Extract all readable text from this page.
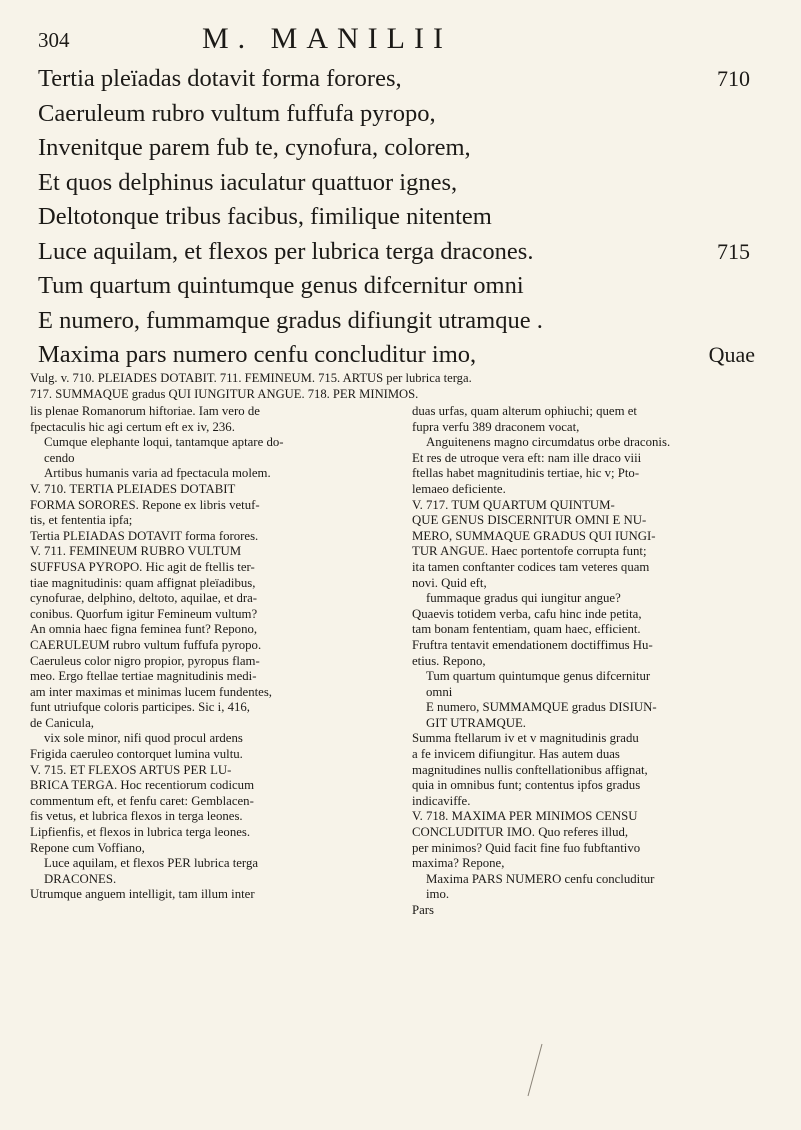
304	M. MANILII
Tertia pleïadas dotavit forma forores,	710
Caeruleum rubro vultum fuffufa pyropo,
Invenitque parem fub te, cynofura, colorem,
Et quos delphinus iaculatur quattuor ignes,
Deltotonque tribus facibus, fimilique nitentem
Luce aquilam, et flexos per lubrica terga dracones.	715
Tum quartum quintumque genus difcernitur omni
E numero, fummamque gradus difiungit utramque .
Maxima pars numero cenfu concluditur imo,	Quae
Vulg. v. 710. PLEIADES DOTABIT. 711. FEMINEUM. 715. ARTUS per lubrica terga.
717. SUMMAQUE gradus QUI IUNGITUR ANGUE. 718. PER MINIMOS.
lis plenae Romanorum hiftoriae. Iam vero de
fpectaculis hic agi certum eft ex iv, 236.
Cumque elephante loqui, tantamque aptare do-
cendo
Artibus humanis varia ad fpectacula molem.
V. 710. TERTIA PLEIADES DOTABIT
FORMA SORORES. Repone ex libris vetuf-
tis, et fententia ipfa;
Tertia PLEIADAS DOTAVIT forma forores.
V. 711. FEMINEUM RUBRO VULTUM
SUFFUSA PYROPO. Hic agit de ftellis ter-
tiae magnitudinis: quam affignat pleïadibus,
cynofurae, delphino, deltoto, aquilae, et dra-
conibus. Quorfum igitur Femineum vultum?
An omnia haec figna feminea funt? Repono,
CAERULEUM rubro vultum fuffufa pyropo.
Caeruleus color nigro propior, pyropus flam-
meo. Ergo ftellae tertiae magnitudinis medi-
am inter maximas et minimas lucem fundentes,
funt utriufque coloris participes. Sic i, 416,
de Canicula,
vix sole minor, nifi quod procul ardens
Frigida caeruleo contorquet lumina vultu.
V. 715. ET FLEXOS ARTUS PER LU-
BRICA TERGA. Hoc recentiorum codicum
commentum eft, et fenfu caret: Gemblacen-
fis vetus, et lubrica flexos in terga leones.
Lipfienfis, et flexos in lubrica terga leones.
Repone cum Voffiano,
Luce aquilam, et flexos PER lubrica terga
DRACONES.
Utrumque anguem intelligit, tam illum inter
duas urfas, quam alterum ophiuchi; quem et
fupra verfu 389 draconem vocat,
Anguitenens magno circumdatus orbe draconis.
Et res de utroque vera eft: nam ille draco viii
ftellas habet magnitudinis tertiae, hic v; Pto-
lemaeo deficiente.
V. 717. TUM QUARTUM QUINTUM-
QUE GENUS DISCERNITUR OMNI E NU-
MERO, SUMMAQUE GRADUS QUI IUNGI-
TUR ANGUE. Haec portentofe corrupta funt;
ita tamen conftanter codices tam veteres quam
novi. Quid eft,
fummaque gradus qui iungitur angue?
Quaevis totidem verba, cafu hinc inde petita,
tam bonam fententiam, quam haec, efficient.
Fruftra tentavit emendationem doctiffimus Hu-
etius. Repono,
Tum quartum quintumque genus difcernitur
omni
E numero, SUMMAMQUE gradus DISIUN-
GIT UTRAMQUE.
Summa ftellarum iv et v magnitudinis gradu
a fe invicem difiungitur. Has autem duas
magnitudines nullis conftellationibus affignat,
quia in omnibus funt; contentus ipfos gradus
indicaviffe.
V. 718. MAXIMA PER MINIMOS CENSU
CONCLUDITUR IMO. Quo referes illud,
per minimos? Quid facit fine fuo fubftantivo
maxima? Repone,
Maxima PARS NUMERO cenfu concluditur
imo.
Pars
